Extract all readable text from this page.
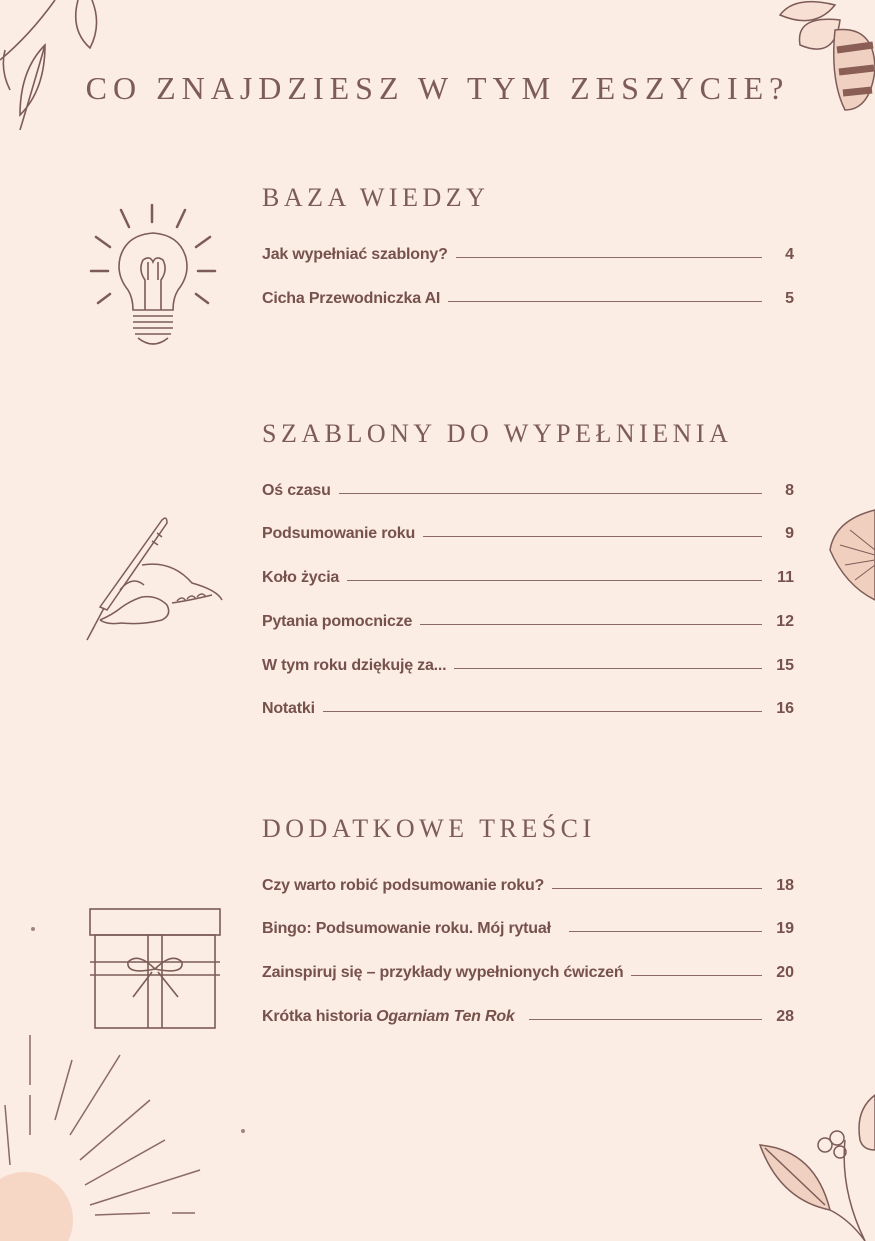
CO ZNAJDZIESZ W TYM ZESZYCIE?
BAZA WIEDZY
SZABLONY DO WYPEŁNIENIA
DODATKOWE TREŚCI
Jak wypełniać szablony?	4
Cicha Przewodniczka AI	5
Oś czasu	8
Podsumowanie roku	9
Koło życia	11
Pytania pomocnicze	12
W tym roku dziękuję za...	15
Notatki	16
Czy warto robić podsumowanie roku?	18
Bingo: Podsumowanie roku. Mój rytuał	19
Zainspiruj się – przykłady wypełnionych ćwiczeń	20
Krótka historia Ogarniam Ten Rok	28
